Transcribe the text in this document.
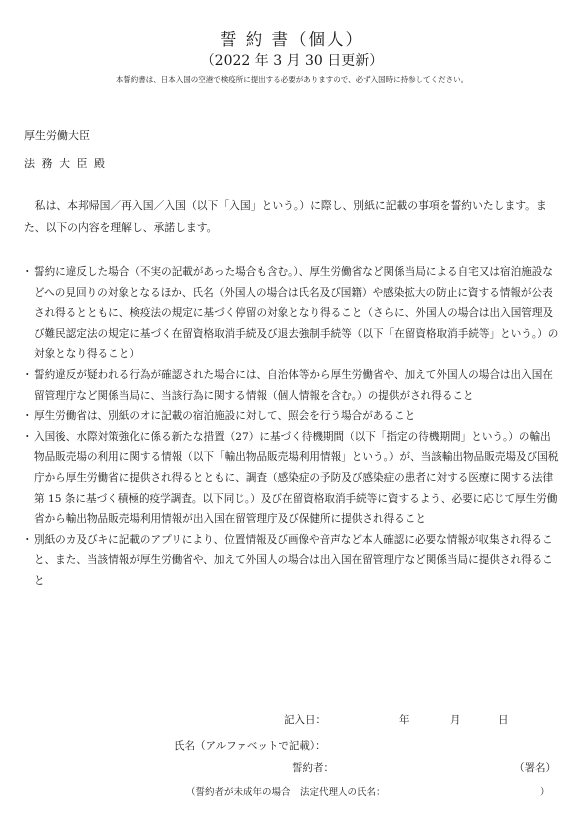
誓 約 書（個人）
（2022 年 3 月 30 日更新）
本誓約書は、日本入国の空港で検疫所に提出する必要がありますので、必ず入国時に持参してください。
厚生労働大臣
法務大臣殿
　私は、本邦帰国／再入国／入国（以下「入国」という。）に際し、別紙に記載の事項を誓約いたします。また、以下の内容を理解し、承諾します。
・ 誓約に違反した場合（不実の記載があった場合も含む。）、厚生労働省など関係当局による自宅又は宿泊施設などへの見回りの対象となるほか、氏名（外国人の場合は氏名及び国籍）や感染拡大の防止に資する情報が公表され得るとともに、検疫法の規定に基づく停留の対象となり得ること（さらに、外国人の場合は出入国管理及び難民認定法の規定に基づく在留資格取消手続及び退去強制手続等（以下「在留資格取消手続等」という。）の対象となり得ること）
・ 誓約違反が疑われる行為が確認された場合には、自治体等から厚生労働省や、加えて外国人の場合は出入国在留管理庁など関係当局に、当該行為に関する情報（個人情報を含む。）の提供がされ得ること
・ 厚生労働省は、別紙のオに記載の宿泊施設に対して、照会を行う場合があること
・ 入国後、水際対策強化に係る新たな措置（27）に基づく待機期間（以下「指定の待機期間」という。）の輸出物品販売場の利用に関する情報（以下「輸出物品販売場利用情報」という。）が、当該輸出物品販売場及び国税庁から厚生労働省に提供され得るとともに、調査（感染症の予防及び感染症の患者に対する医療に関する法律第 15 条に基づく積極的疫学調査。以下同じ。）及び在留資格取消手続等に資するよう、必要に応じて厚生労働省から輸出物品販売場利用情報が出入国在留管理庁及び保健所に提供され得ること
・ 別紙のカ及びキに記載のアプリにより、位置情報及び画像や音声など本人確認に必要な情報が収集され得ること、また、当該情報が厚生労働省や、加えて外国人の場合は出入国在留管理庁など関係当局に提供され得ること
記入日：	年	月	日
氏名（アルファベットで記載）：
誓約者：	（署名）
（誓約者が未成年の場合　法定代理人の氏名：	）
